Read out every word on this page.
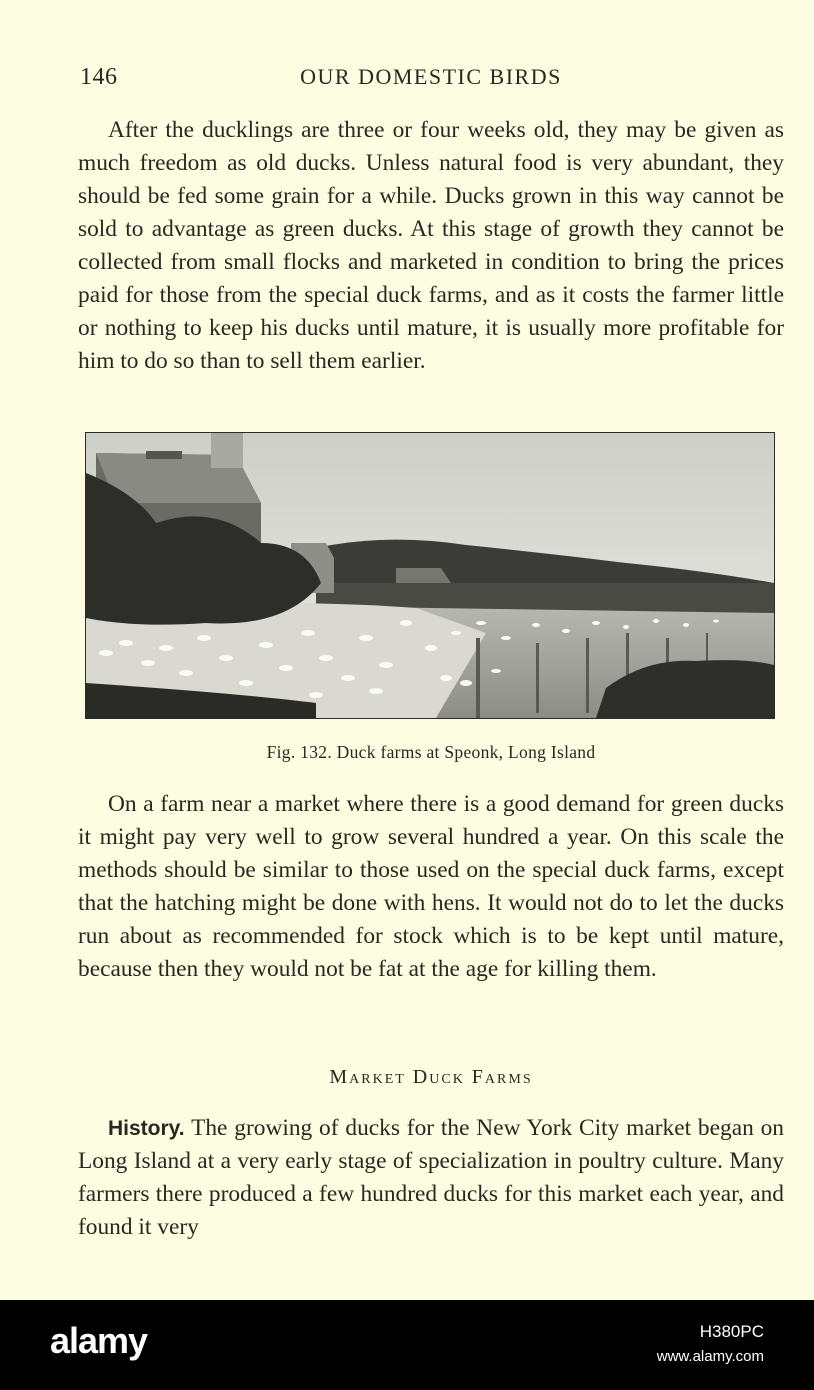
146	OUR DOMESTIC BIRDS

After the ducklings are three or four weeks old, they may be given as much freedom as old ducks. Unless natural food is very abundant, they should be fed some grain for a while. Ducks grown in this way cannot be sold to advantage as green ducks. At this stage of growth they cannot be collected from small flocks and marketed in condition to bring the prices paid for those from the special duck farms, and as it costs the farmer little or nothing to keep his ducks until mature, it is usually more profitable for him to do so than to sell them earlier.

Fig. 132. Duck farms at Speonk, Long Island

On a farm near a market where there is a good demand for green ducks it might pay very well to grow several hundred a year. On this scale the methods should be similar to those used on the special duck farms, except that the hatching might be done with hens. It would not do to let the ducks run about as recommended for stock which is to be kept until mature, because then they would not be fat at the age for killing them.

Market Duck Farms

History. The growing of ducks for the New York City market began on Long Island at a very early stage of specialization in poultry culture. Many farmers there produced a few hundred ducks for this market each year, and found it very

alamy	H380PC
www.alamy.com
